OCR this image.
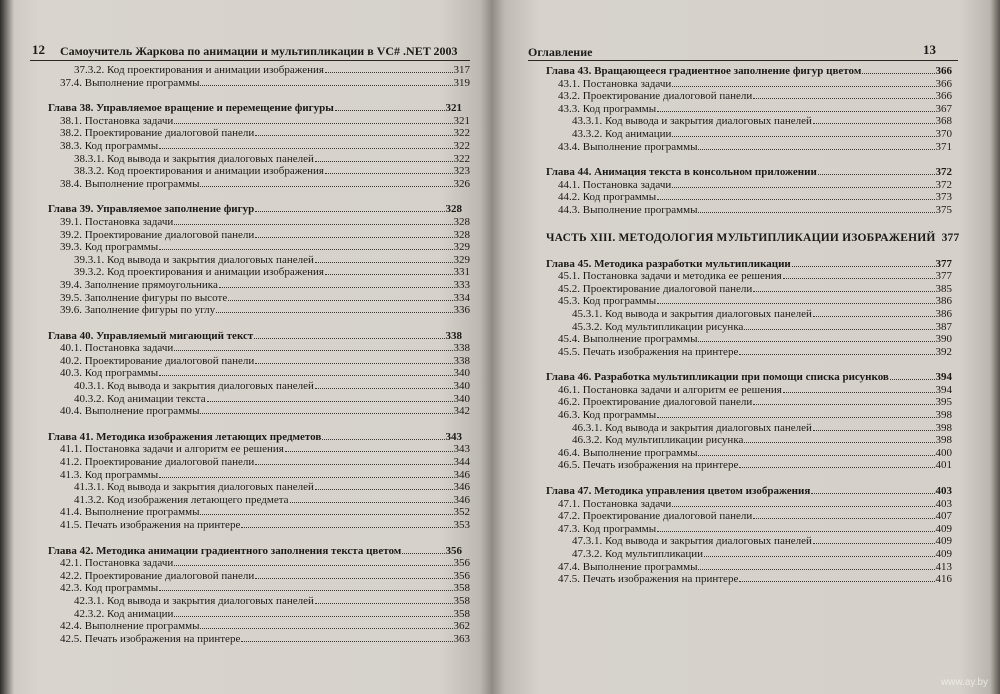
12 Самоучитель Жаркова по анимации и мультипликации в VC# .NET 2003
37.3.2. Код проектирования и анимации изображения	317
37.4. Выполнение программы	319
Глава 38. Управляемое вращение и перемещение фигуры	321
38.1. Постановка задачи	321
38.2. Проектирование диалоговой панели	322
38.3. Код программы	322
38.3.1. Код вывода и закрытия диалоговых панелей	322
38.3.2. Код проектирования и анимации изображения	323
38.4. Выполнение программы	326
Глава 39. Управляемое заполнение фигур	328
39.1. Постановка задачи	328
39.2. Проектирование диалоговой панели	328
39.3. Код программы	329
39.3.1. Код вывода и закрытия диалоговых панелей	329
39.3.2. Код проектирования и анимации изображения	331
39.4. Заполнение прямоугольника	333
39.5. Заполнение фигуры по высоте	334
39.6. Заполнение фигуры по углу	336
Глава 40. Управляемый мигающий текст	338
40.1. Постановка задачи	338
40.2. Проектирование диалоговой панели	338
40.3. Код программы	340
40.3.1. Код вывода и закрытия диалоговых панелей	340
40.3.2. Код анимации текста	340
40.4. Выполнение программы	342
Глава 41. Методика изображения летающих предметов	343
41.1. Постановка задачи и алгоритм ее решения	343
41.2. Проектирование диалоговой панели	344
41.3. Код программы	346
41.3.1. Код вывода и закрытия диалоговых панелей	346
41.3.2. Код изображения летающего предмета	346
41.4. Выполнение программы	352
41.5. Печать изображения на принтере	353
Глава 42. Методика анимации градиентного заполнения текста цветом	356
42.1. Постановка задачи	356
42.2. Проектирование диалоговой панели	356
42.3. Код программы	358
42.3.1. Код вывода и закрытия диалоговых панелей	358
42.3.2. Код анимации	358
42.4. Выполнение программы	362
42.5. Печать изображения на принтере	363
Оглавление	13
Глава 43. Вращающееся градиентное заполнение фигур цветом	366
43.1. Постановка задачи	366
43.2. Проектирование диалоговой панели	366
43.3. Код программы	367
43.3.1. Код вывода и закрытия диалоговых панелей	368
43.3.2. Код анимации	370
43.4. Выполнение программы	371
Глава 44. Анимация текста в консольном приложении	372
44.1. Постановка задачи	372
44.2. Код программы	373
44.3. Выполнение программы	375
ЧАСТЬ XIII. МЕТОДОЛОГИЯ МУЛЬТИПЛИКАЦИИ ИЗОБРАЖЕНИЙ 377
Глава 45. Методика разработки мультипликации	377
45.1. Постановка задачи и методика ее решения	377
45.2. Проектирование диалоговой панели	385
45.3. Код программы	386
45.3.1. Код вывода и закрытия диалоговых панелей	386
45.3.2. Код мультипликации рисунка	387
45.4. Выполнение программы	390
45.5. Печать изображения на принтере	392
Глава 46. Разработка мультипликации при помощи списка рисунков	394
46.1. Постановка задачи и алгоритм ее решения	394
46.2. Проектирование диалоговой панели	395
46.3. Код программы	398
46.3.1. Код вывода и закрытия диалоговых панелей	398
46.3.2. Код мультипликации рисунка	398
46.4. Выполнение программы	400
46.5. Печать изображения на принтере	401
Глава 47. Методика управления цветом изображения	403
47.1. Постановка задачи	403
47.2. Проектирование диалоговой панели	407
47.3. Код программы	409
47.3.1. Код вывода и закрытия диалоговых панелей	409
47.3.2. Код мультипликации	409
47.4. Выполнение программы	413
47.5. Печать изображения на принтере	416
www.ay.by
